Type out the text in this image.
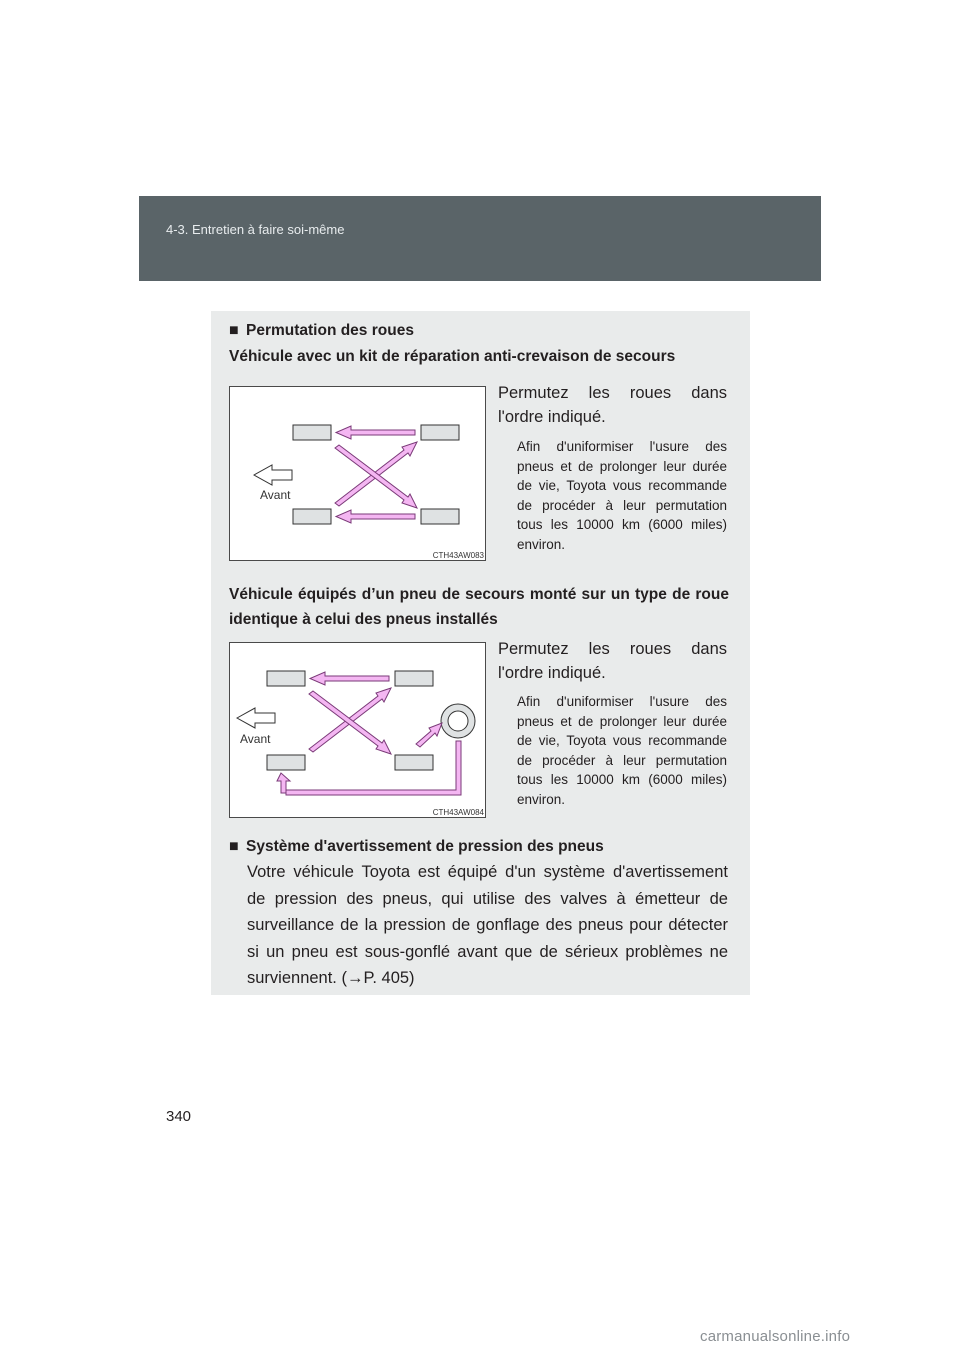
4-3. Entretien à faire soi-même
■ Permutation des roues
Véhicule avec un kit de réparation anti-crevaison de secours
Avant
CTH43AW083
Permutez les roues dans l'ordre indiqué.
Afin d'uniformiser l'usure des pneus et de prolonger leur durée de vie, Toyota vous recommande de procéder à leur permutation tous les 10000 km (6000 miles) environ.
Véhicule équipés d’un pneu de secours monté sur un type de roue identique à celui des pneus installés
Avant
CTH43AW084
Permutez les roues dans l'ordre indiqué.
Afin d'uniformiser l'usure des pneus et de prolonger leur durée de vie, Toyota vous recommande de procéder à leur permutation tous les 10000 km (6000 miles) environ.
■ Système d'avertissement de pression des pneus
Votre véhicule Toyota est équipé d'un système d'avertissement de pression des pneus, qui utilise des valves à émetteur de surveillance de la pression de gonflage des pneus pour détecter si un pneu est sous-gonflé avant que de sérieux problèmes ne surviennent. (→P. 405)
340
carmanualsonline.info
